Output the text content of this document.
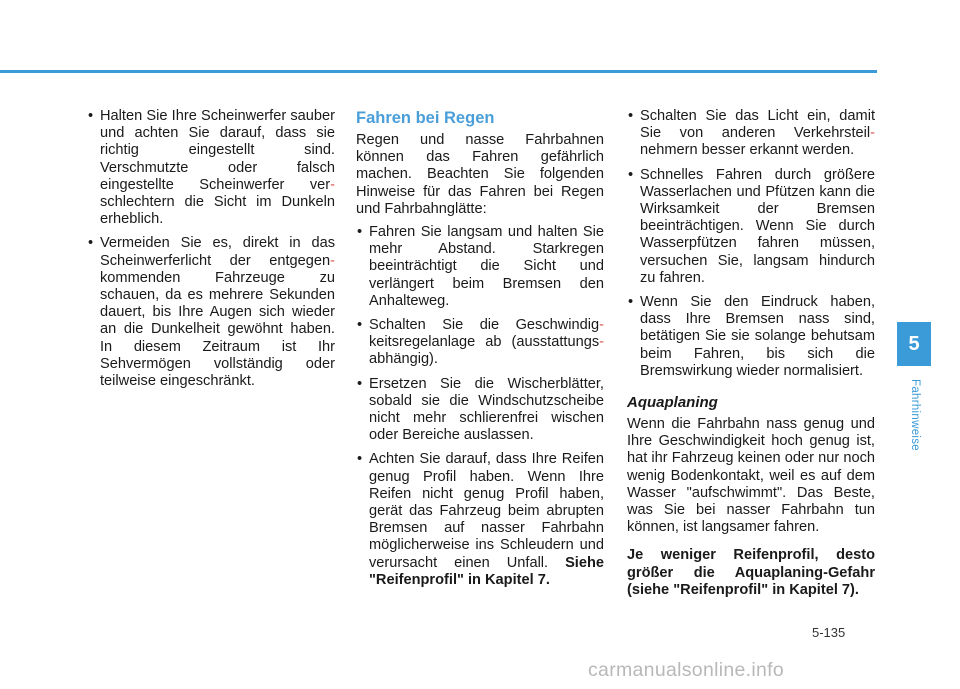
• Halten Sie Ihre Scheinwerfer sauber und achten Sie darauf, dass sie richtig eingestellt sind. Verschmutzte oder falsch eingestellte Scheinwerfer ver-schlechtern die Sicht im Dunkeln erheblich.
• Vermeiden Sie es, direkt in das Scheinwerferlicht der entgegen-kommenden Fahrzeuge zu schauen, da es mehrere Sekunden dauert, bis Ihre Augen sich wieder an die Dunkelheit gewöhnt haben. In diesem Zeitraum ist Ihr Sehvermögen vollständig oder teilweise eingeschränkt.
Fahren bei Regen

Regen und nasse Fahrbahnen können das Fahren gefährlich machen. Beachten Sie folgenden Hinweise für das Fahren bei Regen und Fahrbahnglätte:

• Fahren Sie langsam und halten Sie mehr Abstand. Starkregen beeinträchtigt die Sicht und verlängert beim Bremsen den Anhalteweg.
• Schalten Sie die Geschwindig-keitsregelanlage ab (ausstattungs-abhängig).
• Ersetzen Sie die Wischerblätter, sobald sie die Windschutzscheibe nicht mehr schlierenfrei wischen oder Bereiche auslassen.
• Achten Sie darauf, dass Ihre Reifen genug Profil haben. Wenn Ihre Reifen nicht genug Profil haben, gerät das Fahrzeug beim abrupten Bremsen auf nasser Fahrbahn möglicherweise ins Schleudern und verursacht einen Unfall. Siehe "Reifenprofil" in Kapitel 7.
• Schalten Sie das Licht ein, damit Sie von anderen Verkehrsteil-nehmern besser erkannt werden.
• Schnelles Fahren durch größere Wasserlachen und Pfützen kann die Wirksamkeit der Bremsen beeinträchtigen. Wenn Sie durch Wasserpfützen fahren müssen, versuchen Sie, langsam hindurch zu fahren.
• Wenn Sie den Eindruck haben, dass Ihre Bremsen nass sind, betätigen Sie sie solange behutsam beim Fahren, bis sich die Bremswirkung wieder normalisiert.
Aquaplaning

Wenn die Fahrbahn nass genug und Ihre Geschwindigkeit hoch genug ist, hat ihr Fahrzeug keinen oder nur noch wenig Bodenkontakt, weil es auf dem Wasser "aufschwimmt". Das Beste, was Sie bei nasser Fahrbahn tun können, ist langsamer fahren.

Je weniger Reifenprofil, desto größer die Aquaplaning-Gefahr (siehe "Reifenprofil" in Kapitel 7).

5
Fahrhinweise
5-135
carmanualsonline.info
